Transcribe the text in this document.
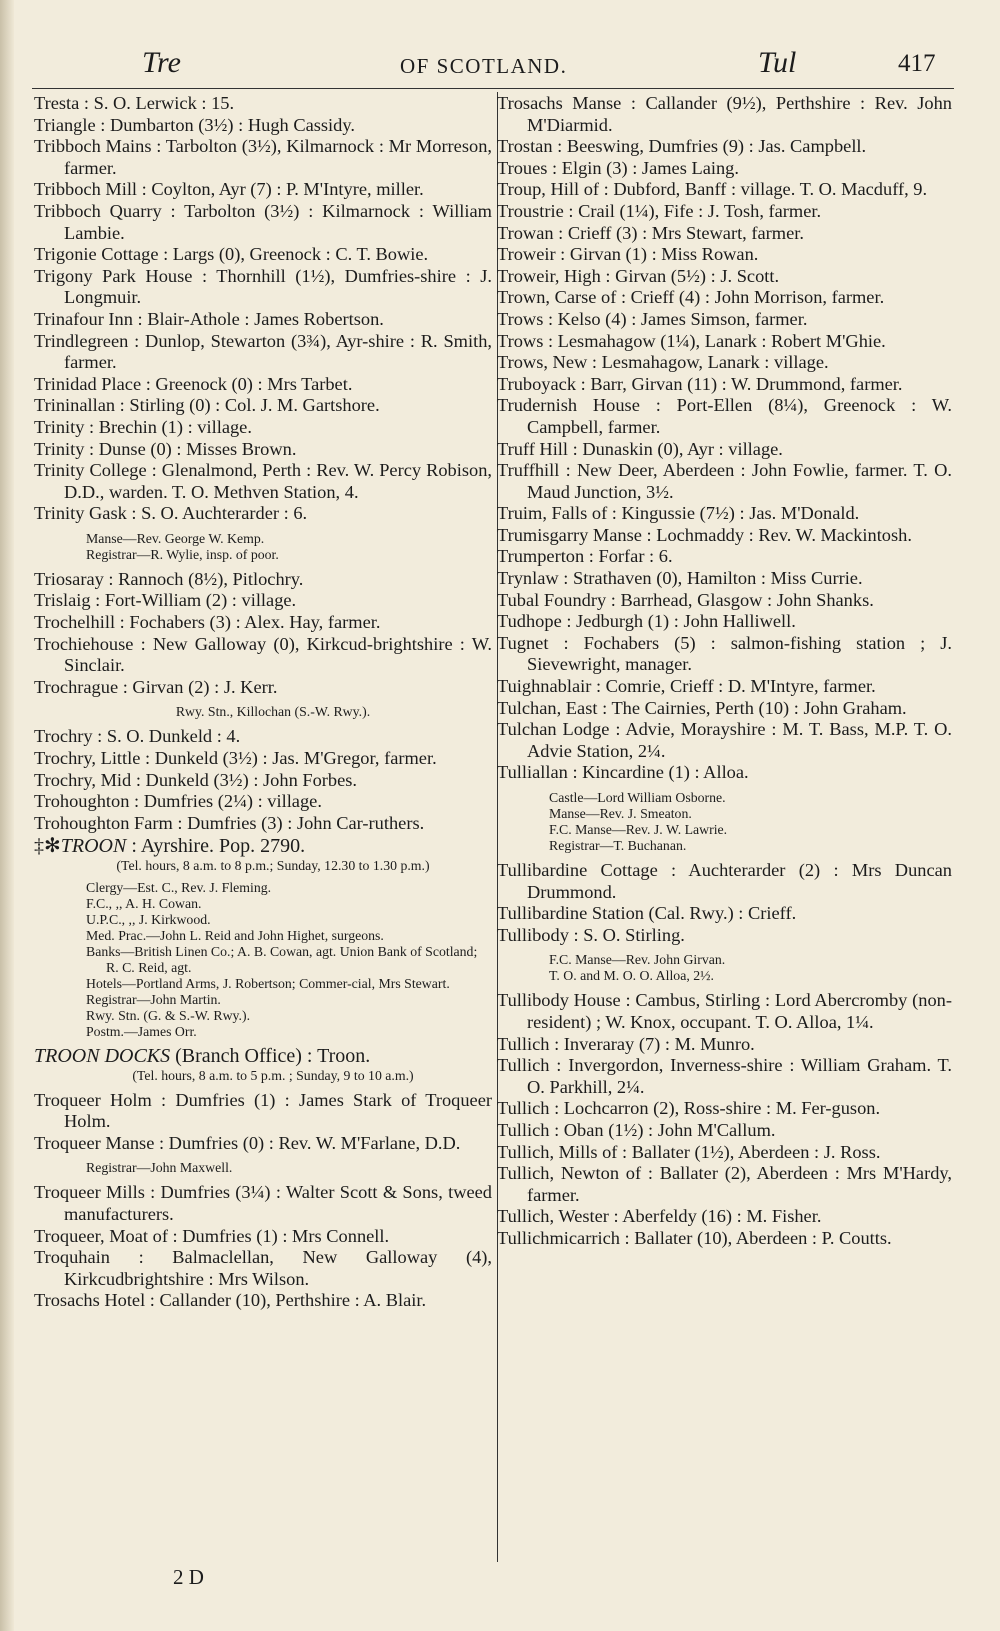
Tre	OF SCOTLAND.	Tul	417

Tresta : S. O. Lerwick : 15.

Triangle : Dumbarton (3½) : Hugh Cassidy.

Tribboch Mains : Tarbolton (3½), Kilmarnock : Mr Morreson, farmer.

Tribboch Mill : Coylton, Ayr (7) : P. M'Intyre, miller.

Tribboch Quarry : Tarbolton (3½) : Kilmarnock : William Lambie.

Trigonie Cottage : Largs (0), Greenock : C. T. Bowie.

Trigony Park House : Thornhill (1½), Dumfries-shire : J. Longmuir.

Trinafour Inn : Blair-Athole : James Robertson.

Trindlegreen : Dunlop, Stewarton (3¾), Ayr-shire : R. Smith, farmer.

Trinidad Place : Greenock (0) : Mrs Tarbet.

Trininallan : Stirling (0) : Col. J. M. Gartshore.

Trinity : Brechin (1) : village.

Trinity : Dunse (0) : Misses Brown.

Trinity College : Glenalmond, Perth : Rev. W. Percy Robison, D.D., warden. T. O. Methven Station, 4.

Trinity Gask : S. O. Auchterarder : 6.

Manse—Rev. George W. Kemp.

Registrar—R. Wylie, insp. of poor.

Triosaray : Rannoch (8½), Pitlochry.

Trislaig : Fort-William (2) : village.

Trochelhill : Fochabers (3) : Alex. Hay, farmer.

Trochiehouse : New Galloway (0), Kirkcud-brightshire : W. Sinclair.

Trochrague : Girvan (2) : J. Kerr.

Rwy. Stn., Killochan (S.-W. Rwy.).

Trochry : S. O. Dunkeld : 4.

Trochry, Little : Dunkeld (3½) : Jas. M'Gregor, farmer.

Trochry, Mid : Dunkeld (3½) : John Forbes.

Trohoughton : Dumfries (2¼) : village.

Trohoughton Farm : Dumfries (3) : John Car-ruthers.

‡✻TROON : Ayrshire. Pop. 2790.

(Tel. hours, 8 a.m. to 8 p.m.; Sunday, 12.30 to 1.30 p.m.)

Clergy—Est. C., Rev. J. Fleming.

F.C., ,, A. H. Cowan.

U.P.C., ,, J. Kirkwood.

Med. Prac.—John L. Reid and John Highet, surgeons.

Banks—British Linen Co.; A. B. Cowan, agt. Union Bank of Scotland; R. C. Reid, agt.

Hotels—Portland Arms, J. Robertson; Commer-cial, Mrs Stewart.

Registrar—John Martin.

Rwy. Stn. (G. & S.-W. Rwy.).

Postm.—James Orr.

TROON DOCKS (Branch Office) : Troon.

(Tel. hours, 8 a.m. to 5 p.m. ; Sunday, 9 to 10 a.m.)

Troqueer Holm : Dumfries (1) : James Stark of Troqueer Holm.

Troqueer Manse : Dumfries (0) : Rev. W. M'Farlane, D.D.

Registrar—John Maxwell.

Troqueer Mills : Dumfries (3¼) : Walter Scott & Sons, tweed manufacturers.

Troqueer, Moat of : Dumfries (1) : Mrs Connell.

Troquhain : Balmaclellan, New Galloway (4), Kirkcudbrightshire : Mrs Wilson.

Trosachs Hotel : Callander (10), Perthshire : A. Blair.

Trosachs Manse : Callander (9½), Perthshire : Rev. John M'Diarmid.

Trostan : Beeswing, Dumfries (9) : Jas. Campbell.

Troues : Elgin (3) : James Laing.

Troup, Hill of : Dubford, Banff : village. T. O. Macduff, 9.

Troustrie : Crail (1¼), Fife : J. Tosh, farmer.

Trowan : Crieff (3) : Mrs Stewart, farmer.

Troweir : Girvan (1) : Miss Rowan.

Troweir, High : Girvan (5½) : J. Scott.

Trown, Carse of : Crieff (4) : John Morrison, farmer.

Trows : Kelso (4) : James Simson, farmer.

Trows : Lesmahagow (1¼), Lanark : Robert M'Ghie.

Trows, New : Lesmahagow, Lanark : village.

Truboyack : Barr, Girvan (11) : W. Drummond, farmer.

Trudernish House : Port-Ellen (8¼), Greenock : W. Campbell, farmer.

Truff Hill : Dunaskin (0), Ayr : village.

Truffhill : New Deer, Aberdeen : John Fowlie, farmer. T. O. Maud Junction, 3½.

Truim, Falls of : Kingussie (7½) : Jas. M'Donald.

Trumisgarry Manse : Lochmaddy : Rev. W. Mackintosh.

Trumperton : Forfar : 6.

Trynlaw : Strathaven (0), Hamilton : Miss Currie.

Tubal Foundry : Barrhead, Glasgow : John Shanks.

Tudhope : Jedburgh (1) : John Halliwell.

Tugnet : Fochabers (5) : salmon-fishing station ; J. Sievewright, manager.

Tuighnablair : Comrie, Crieff : D. M'Intyre, farmer.

Tulchan, East : The Cairnies, Perth (10) : John Graham.

Tulchan Lodge : Advie, Morayshire : M. T. Bass, M.P. T. O. Advie Station, 2¼.

Tulliallan : Kincardine (1) : Alloa.

Castle—Lord William Osborne.

Manse—Rev. J. Smeaton.

F.C. Manse—Rev. J. W. Lawrie.

Registrar—T. Buchanan.

Tullibardine Cottage : Auchterarder (2) : Mrs Duncan Drummond.

Tullibardine Station (Cal. Rwy.) : Crieff.

Tullibody : S. O. Stirling.

F.C. Manse—Rev. John Girvan.

T. O. and M. O. O. Alloa, 2½.

Tullibody House : Cambus, Stirling : Lord Abercromby (non-resident) ; W. Knox, occupant. T. O. Alloa, 1¼.

Tullich : Inveraray (7) : M. Munro.

Tullich : Invergordon, Inverness-shire : William Graham. T. O. Parkhill, 2¼.

Tullich : Lochcarron (2), Ross-shire : M. Fer-guson.

Tullich : Oban (1½) : John M'Callum.

Tullich, Mills of : Ballater (1½), Aberdeen : J. Ross.

Tullich, Newton of : Ballater (2), Aberdeen : Mrs M'Hardy, farmer.

Tullich, Wester : Aberfeldy (16) : M. Fisher.

Tullichmicarrich : Ballater (10), Aberdeen : P. Coutts.

2 D
